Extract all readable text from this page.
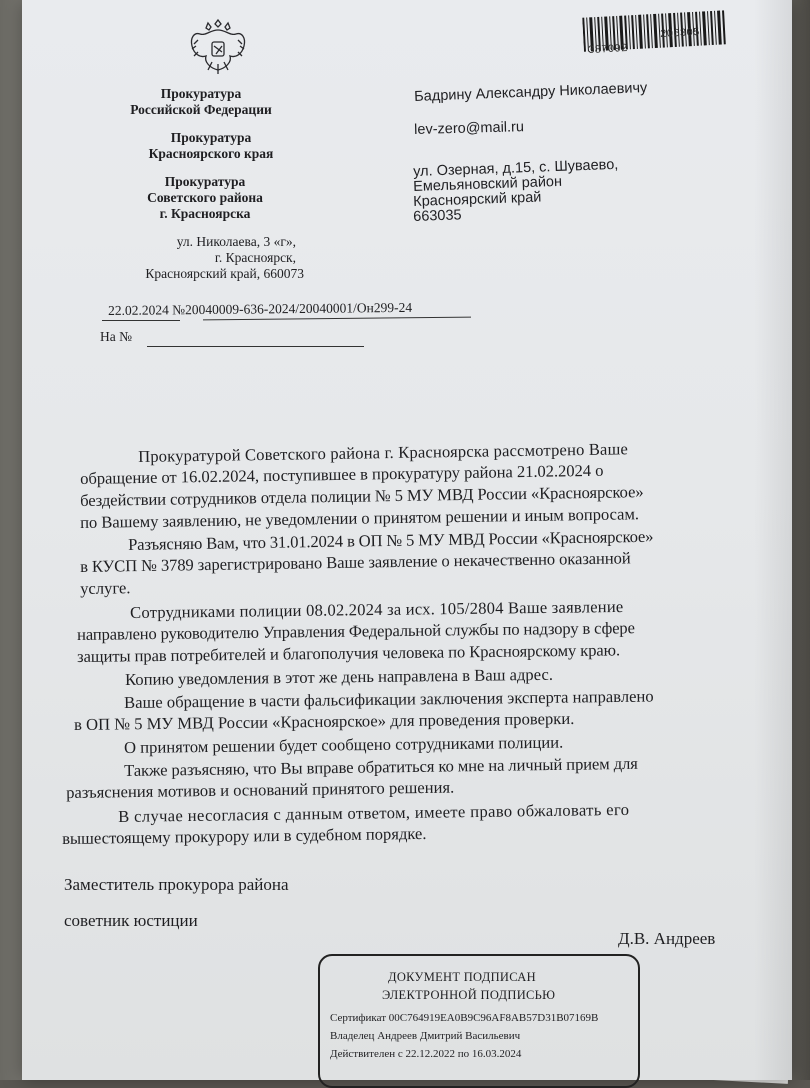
387092
206305
Прокуратура
Российской Федерации
Прокуратура
Красноярского края
Прокуратура
Советского района
г. Красноярска
ул. Николаева, 3 «г»,
г. Красноярск,
Красноярский край, 660073
Бадрину Александру Николаевичу
lev-zero@mail.ru
ул. Озерная, д.15, с. Шуваево,
Емельяновский район
Красноярский край
663035
22.02.2024 №20040009-636-2024/20040001/Он299-24
На №
Прокуратурой Советского района г. Красноярска рассмотрено Ваше
обращение от 16.02.2024, поступившее в прокуратуру района 21.02.2024 о
бездействии сотрудников отдела полиции № 5 МУ МВД России «Красноярское»
по Вашему заявлению, не уведомлении о принятом решении и иным вопросам.
Разъясняю Вам, что 31.01.2024 в ОП № 5 МУ МВД России «Красноярское»
в КУСП № 3789 зарегистрировано Ваше заявление о некачественно оказанной
услуге.
Сотрудниками полиции 08.02.2024 за исх. 105/2804 Ваше заявление
направлено руководителю Управления Федеральной службы по надзору в сфере
защиты прав потребителей и благополучия человека по Красноярскому краю.
Копию уведомления в этот же день направлена в Ваш адрес.
Ваше обращение в части фальсификации заключения эксперта направлено
в ОП № 5 МУ МВД России «Красноярское» для проведения проверки.
О принятом решении будет сообщено сотрудниками полиции.
Также разъясняю, что Вы вправе обратиться ко мне на личный прием для
разъяснения мотивов и оснований принятого решения.
В случае несогласия с данным ответом, имеете право обжаловать его
вышестоящему прокурору или в судебном порядке.
Заместитель прокурора района
советник юстиции
Д.В. Андреев
ДОКУМЕНТ ПОДПИСАН
ЭЛЕКТРОННОЙ ПОДПИСЬЮ
Сертификат 00C764919EA0B9C96AF8AB57D31B07169B
Владелец Андреев Дмитрий Васильевич
Действителен с 22.12.2022 по 16.03.2024
